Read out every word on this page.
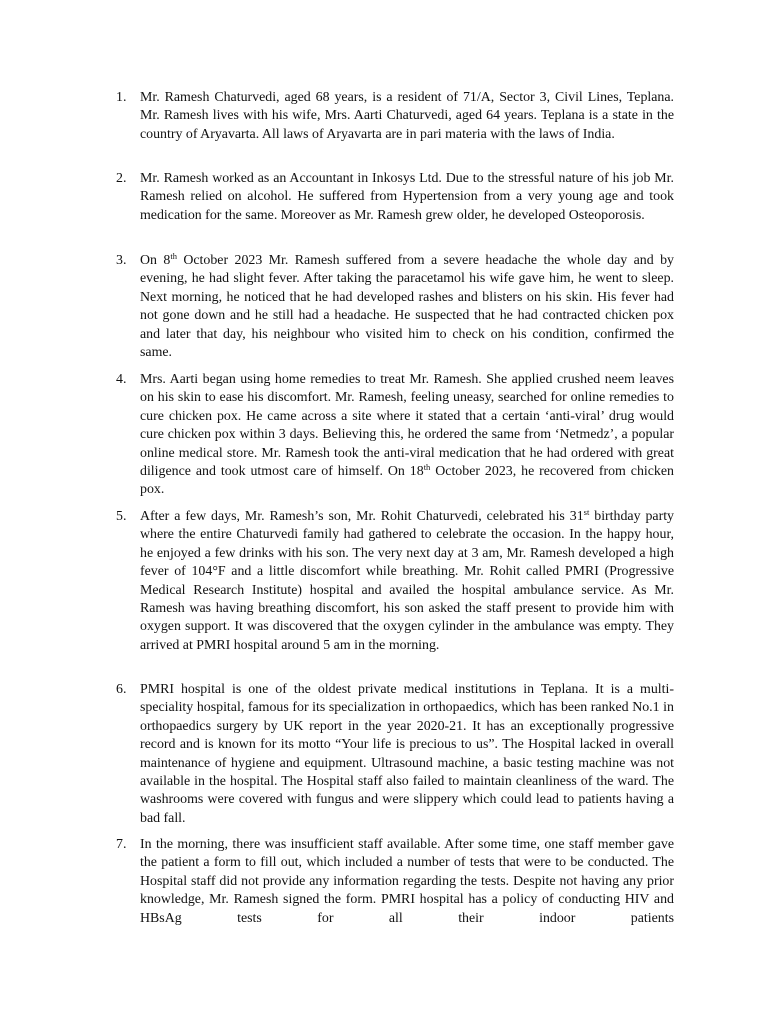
1. Mr. Ramesh Chaturvedi, aged 68 years, is a resident of 71/A, Sector 3, Civil Lines, Teplana. Mr. Ramesh lives with his wife, Mrs. Aarti Chaturvedi, aged 64 years. Teplana is a state in the country of Aryavarta. All laws of Aryavarta are in pari materia with the laws of India.
2. Mr. Ramesh worked as an Accountant in Inkosys Ltd. Due to the stressful nature of his job Mr. Ramesh relied on alcohol. He suffered from Hypertension from a very young age and took medication for the same. Moreover as Mr. Ramesh grew older, he developed Osteoporosis.
3. On 8th October 2023 Mr. Ramesh suffered from a severe headache the whole day and by evening, he had slight fever. After taking the paracetamol his wife gave him, he went to sleep. Next morning, he noticed that he had developed rashes and blisters on his skin. His fever had not gone down and he still had a headache. He suspected that he had contracted chicken pox and later that day, his neighbour who visited him to check on his condition, confirmed the same.
4. Mrs. Aarti began using home remedies to treat Mr. Ramesh. She applied crushed neem leaves on his skin to ease his discomfort. Mr. Ramesh, feeling uneasy, searched for online remedies to cure chicken pox. He came across a site where it stated that a certain ‘anti-viral’ drug would cure chicken pox within 3 days. Believing this, he ordered the same from ‘Netmedz’, a popular online medical store. Mr. Ramesh took the anti-viral medication that he had ordered with great diligence and took utmost care of himself. On 18th October 2023, he recovered from chicken pox.
5. After a few days, Mr. Ramesh’s son, Mr. Rohit Chaturvedi, celebrated his 31st birthday party where the entire Chaturvedi family had gathered to celebrate the occasion. In the happy hour, he enjoyed a few drinks with his son. The very next day at 3 am, Mr. Ramesh developed a high fever of 104°F and a little discomfort while breathing. Mr. Rohit called PMRI (Progressive Medical Research Institute) hospital and availed the hospital ambulance service. As Mr. Ramesh was having breathing discomfort, his son asked the staff present to provide him with oxygen support. It was discovered that the oxygen cylinder in the ambulance was empty. They arrived at PMRI hospital around 5 am in the morning.
6. PMRI hospital is one of the oldest private medical institutions in Teplana. It is a multi-speciality hospital, famous for its specialization in orthopaedics, which has been ranked No.1 in orthopaedics surgery by UK report in the year 2020-21. It has an exceptionally progressive record and is known for its motto “Your life is precious to us”. The Hospital lacked in overall maintenance of hygiene and equipment. Ultrasound machine, a basic testing machine was not available in the hospital. The Hospital staff also failed to maintain cleanliness of the ward. The washrooms were covered with fungus and were slippery which could lead to patients having a bad fall.
7. In the morning, there was insufficient staff available. After some time, one staff member gave the patient a form to fill out, which included a number of tests that were to be conducted. The Hospital staff did not provide any information regarding the tests. Despite not having any prior knowledge, Mr. Ramesh signed the form. PMRI hospital has a policy of conducting HIV and HBsAg tests for all their indoor patients
